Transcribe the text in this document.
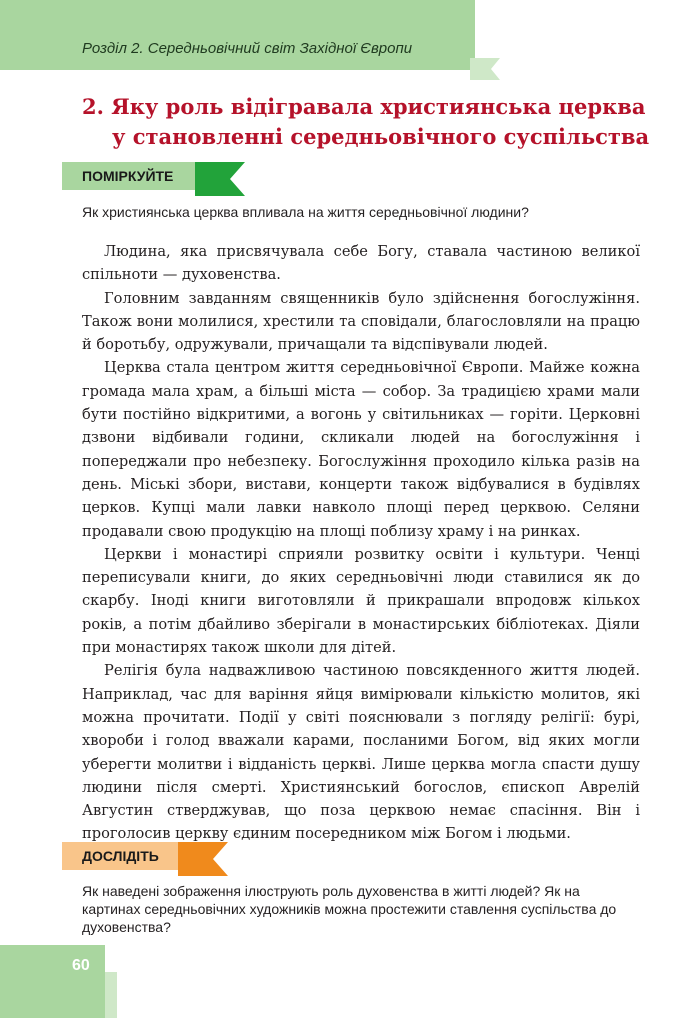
Розділ 2. Середньовічний світ Західної Європи
2. Яку роль відігравала християнська церква
у становленні середньовічного суспільства
ПОМІРКУЙТЕ
Як християнська церква впливала на життя середньовічної людини?

Людина, яка присвячувала себе Богу, ставала частиною великої спільноти — духовенства.

Головним завданням священників було здійснення богослужіння. Також вони молилися, хрестили та сповідали, благословляли на працю й боротьбу, одружували, причащали та відспівували людей.

Церква стала центром життя середньовічної Європи. Майже кожна громада мала храм, а більші міста — собор. За традицією храми мали бути постійно відкритими, а вогонь у світильниках — горіти. Церковні дзвони відбивали години, скликали людей на богослужіння і попереджали про небезпеку. Богослужіння проходило кілька разів на день. Міські збори, вистави, концерти також відбувалися в будівлях церков. Купці мали лавки навколо площі перед церквою. Селяни продавали свою продукцію на площі поблизу храму і на ринках.

Церкви і монастирі сприяли розвитку освіти і культури. Ченці переписували книги, до яких середньовічні люди ставилися як до скарбу. Іноді книги виготовляли й прикрашали впродовж кількох років, а потім дбайливо зберігали в монастирських бібліотеках. Діяли при монастирях також школи для дітей.

Релігія була надважливою частиною повсякденного життя людей. Наприклад, час для варіння яйця вимірювали кількістю молитов, які можна прочитати. Події у світі пояснювали з погляду релігії: бурі, хвороби і голод вважали карами, посланими Богом, від яких могли уберегти молитви і відданість церкві. Лише церква могла спасти душу людини після смерті. Християнський богослов, єпископ Аврелій Августин стверджував, що поза церквою немає спасіння. Він і проголосив церкву єдиним посередником між Богом і людьми.

ДОСЛІДІТЬ
Як наведені зображення ілюструють роль духовенства в житті людей? Як на картинах середньовічних художників можна простежити ставлення суспільства до духовенства?
60
